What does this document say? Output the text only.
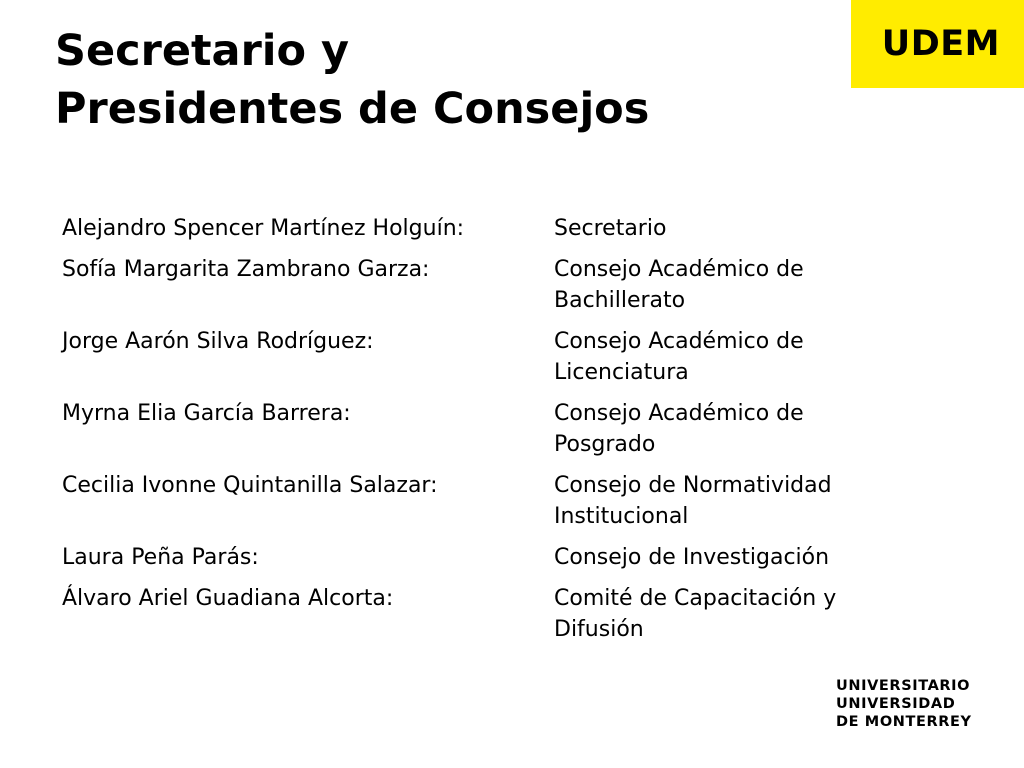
Secretario y
Presidentes de Consejos
UDEM
Alejandro Spencer Martínez Holguín:	Secretario
Sofía Margarita Zambrano Garza:	Consejo Académico de Bachillerato
Jorge Aarón Silva Rodríguez:	Consejo Académico de Licenciatura
Myrna Elia García Barrera:	Consejo Académico de Posgrado
Cecilia Ivonne Quintanilla Salazar:	Consejo de Normatividad Institucional
Laura Peña Parás:	Consejo de Investigación
Álvaro Ariel Guadiana Alcorta:	Comité de Capacitación y Difusión
UNIVERSITARIO
UNIVERSIDAD
DE MONTERREY
